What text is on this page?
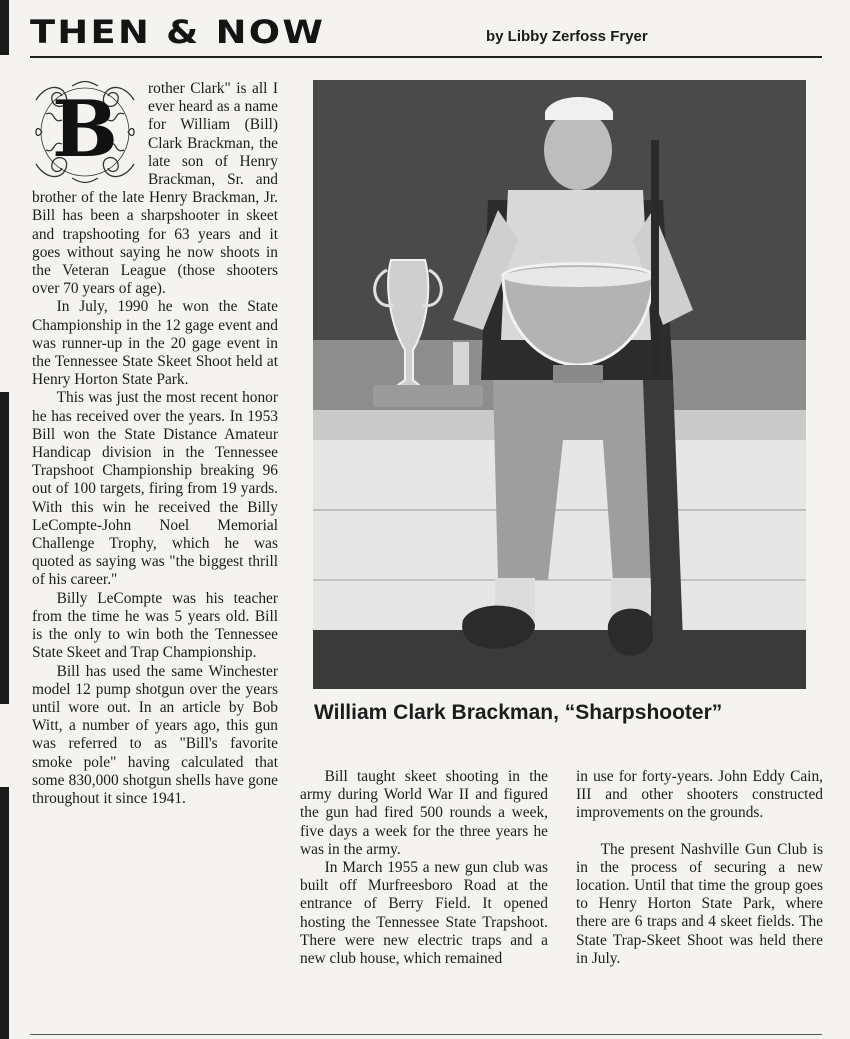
THEN & NOW	by Libby Zerfoss Fryer
B	rother Clark" is all I ever heard as a name for William (Bill) Clark Brackman, the late son of Henry Brackman, Sr. and brother of the late Henry Brackman, Jr. Bill has been a sharpshooter in skeet and trapshooting for 63 years and it goes without saying he now shoots in the Veteran League (those shooters over 70 years of age).

In July, 1990 he won the State Championship in the 12 gage event and was runner-up in the 20 gage event in the Tennessee State Skeet Shoot held at Henry Horton State Park.

This was just the most recent honor he has received over the years. In 1953 Bill won the State Distance Amateur Handicap division in the Tennessee Trapshoot Championship breaking 96 out of 100 targets, firing from 19 yards. With this win he received the Billy LeCompte-John Noel Memorial Challenge Trophy, which he was quoted as saying was "the biggest thrill of his career."

Billy LeCompte was his teacher from the time he was 5 years old. Bill is the only to win both the Tennessee State Skeet and Trap Championship.

Bill has used the same Winchester model 12 pump shotgun over the years until wore out. In an article by Bob Witt, a number of years ago, this gun was referred to as "Bill's favorite smoke pole" having calculated that some 830,000 shotgun shells have gone throughout it since 1941.

William Clark Brackman, “Sharpshooter”

Bill taught skeet shooting in the army during World War II and figured the gun had fired 500 rounds a week, five days a week for the three years he was in the army.

In March 1955 a new gun club was built off Murfreesboro Road at the entrance of Berry Field. It opened hosting the Tennessee State Trapshoot. There were new electric traps and a new club house, which remained

in use for forty-years. John Eddy Cain, III and other shooters constructed improvements on the grounds.

The present Nashville Gun Club is in the process of securing a new location. Until that time the group goes to Henry Horton State Park, where there are 6 traps and 4 skeet fields. The State Trap-Skeet Shoot was held there in July.
